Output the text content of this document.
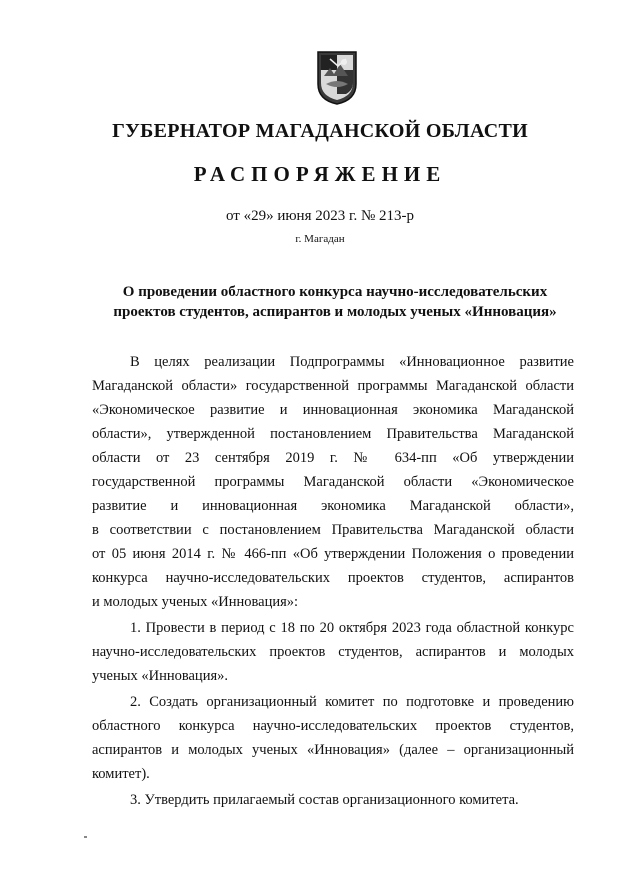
ГУБЕРНАТОР МАГАДАНСКОЙ ОБЛАСТИ
РАСПОРЯЖЕНИЕ
от «29» июня 2023 г. № 213-р
г. Магадан
О проведении областного конкурса научно-исследовательских
проектов студентов, аспирантов и молодых ученых «Инновация»
В целях реализации Подпрограммы «Инновационное развитие
Магаданской области» государственной программы Магаданской области
«Экономическое развитие и инновационная экономика Магаданской
области», утвержденной постановлением Правительства Магаданской
области от 23 сентября 2019 г. № 634-пп «Об утверждении
государственной программы Магаданской области «Экономическое
развитие и инновационная экономика Магаданской области»,
в соответствии с постановлением Правительства Магаданской области
от 05 июня 2014 г. № 466-пп «Об утверждении Положения о проведении
конкурса научно-исследовательских проектов студентов, аспирантов
и молодых ученых «Инновация»:
1. Провести в период с 18 по 20 октября 2023 года областной конкурс
научно-исследовательских проектов студентов, аспирантов и молодых
ученых «Инновация».
2. Создать организационный комитет по подготовке и проведению
областного конкурса научно-исследовательских проектов студентов,
аспирантов и молодых ученых «Инновация» (далее – организационный
комитет).
3. Утвердить прилагаемый состав организационного комитета.
